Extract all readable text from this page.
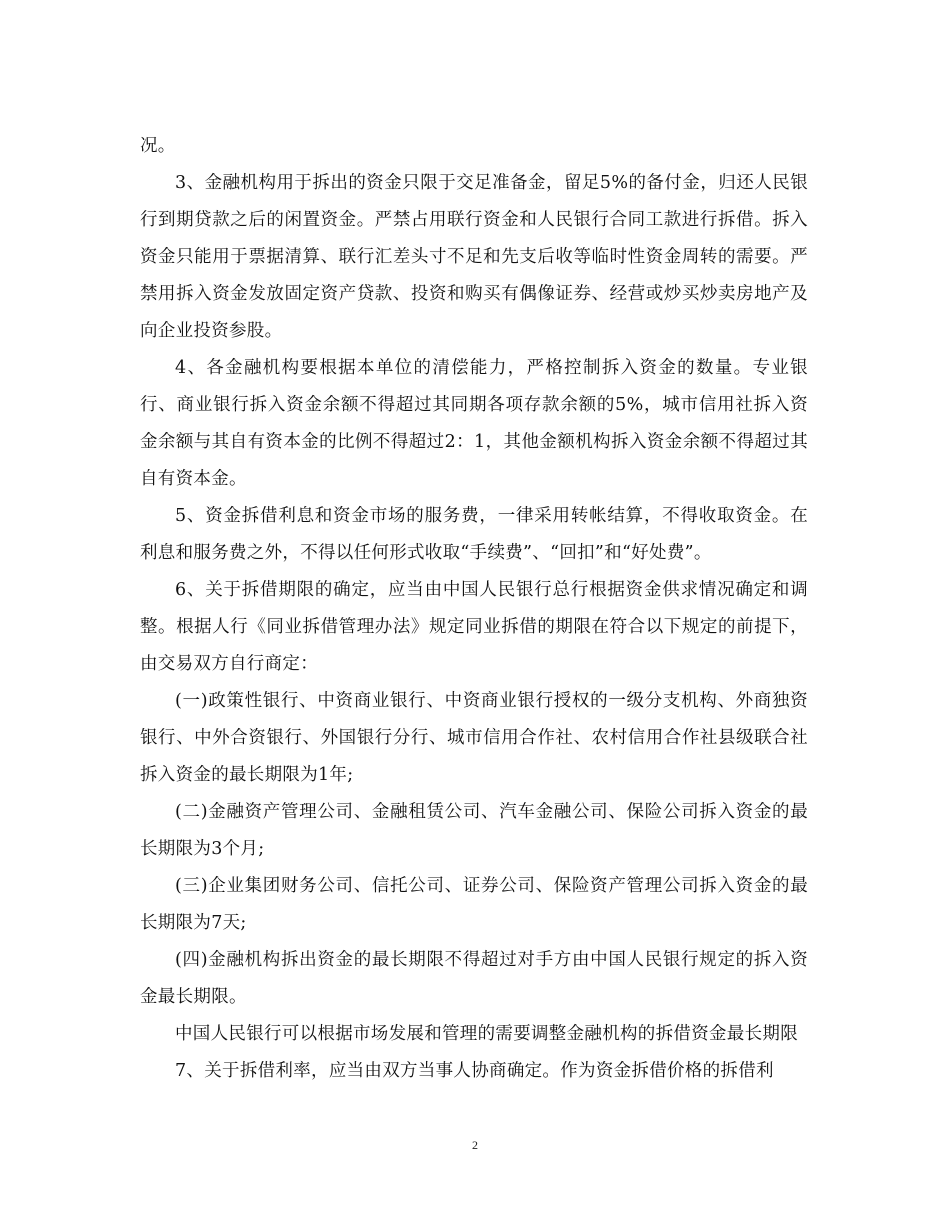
况。

3、金融机构用于拆出的资金只限于交足准备金，留足5%的备付金，归还人民银行到期贷款之后的闲置资金。严禁占用联行资金和人民银行合同工款进行拆借。拆入资金只能用于票据清算、联行汇差头寸不足和先支后收等临时性资金周转的需要。严禁用拆入资金发放固定资产贷款、投资和购买有偶像证券、经营或炒买炒卖房地产及向企业投资参股。

4、各金融机构要根据本单位的清偿能力，严格控制拆入资金的数量。专业银行、商业银行拆入资金余额不得超过其同期各项存款余额的5%，城市信用社拆入资金余额与其自有资本金的比例不得超过2：1，其他金额机构拆入资金余额不得超过其自有资本金。

5、资金拆借利息和资金市场的服务费，一律采用转帐结算，不得收取资金。在利息和服务费之外，不得以任何形式收取“手续费”、“回扣”和“好处费”。

6、关于拆借期限的确定，应当由中国人民银行总行根据资金供求情况确定和调整。根据人行《同业拆借管理办法》规定同业拆借的期限在符合以下规定的前提下，由交易双方自行商定：

(一)政策性银行、中资商业银行、中资商业银行授权的一级分支机构、外商独资银行、中外合资银行、外国银行分行、城市信用合作社、农村信用合作社县级联合社拆入资金的最长期限为1年;

(二)金融资产管理公司、金融租赁公司、汽车金融公司、保险公司拆入资金的最长期限为3个月;

(三)企业集团财务公司、信托公司、证券公司、保险资产管理公司拆入资金的最长期限为7天;

(四)金融机构拆出资金的最长期限不得超过对手方由中国人民银行规定的拆入资金最长期限。

中国人民银行可以根据市场发展和管理的需要调整金融机构的拆借资金最长期限

7、关于拆借利率，应当由双方当事人协商确定。作为资金拆借价格的拆借利

2
